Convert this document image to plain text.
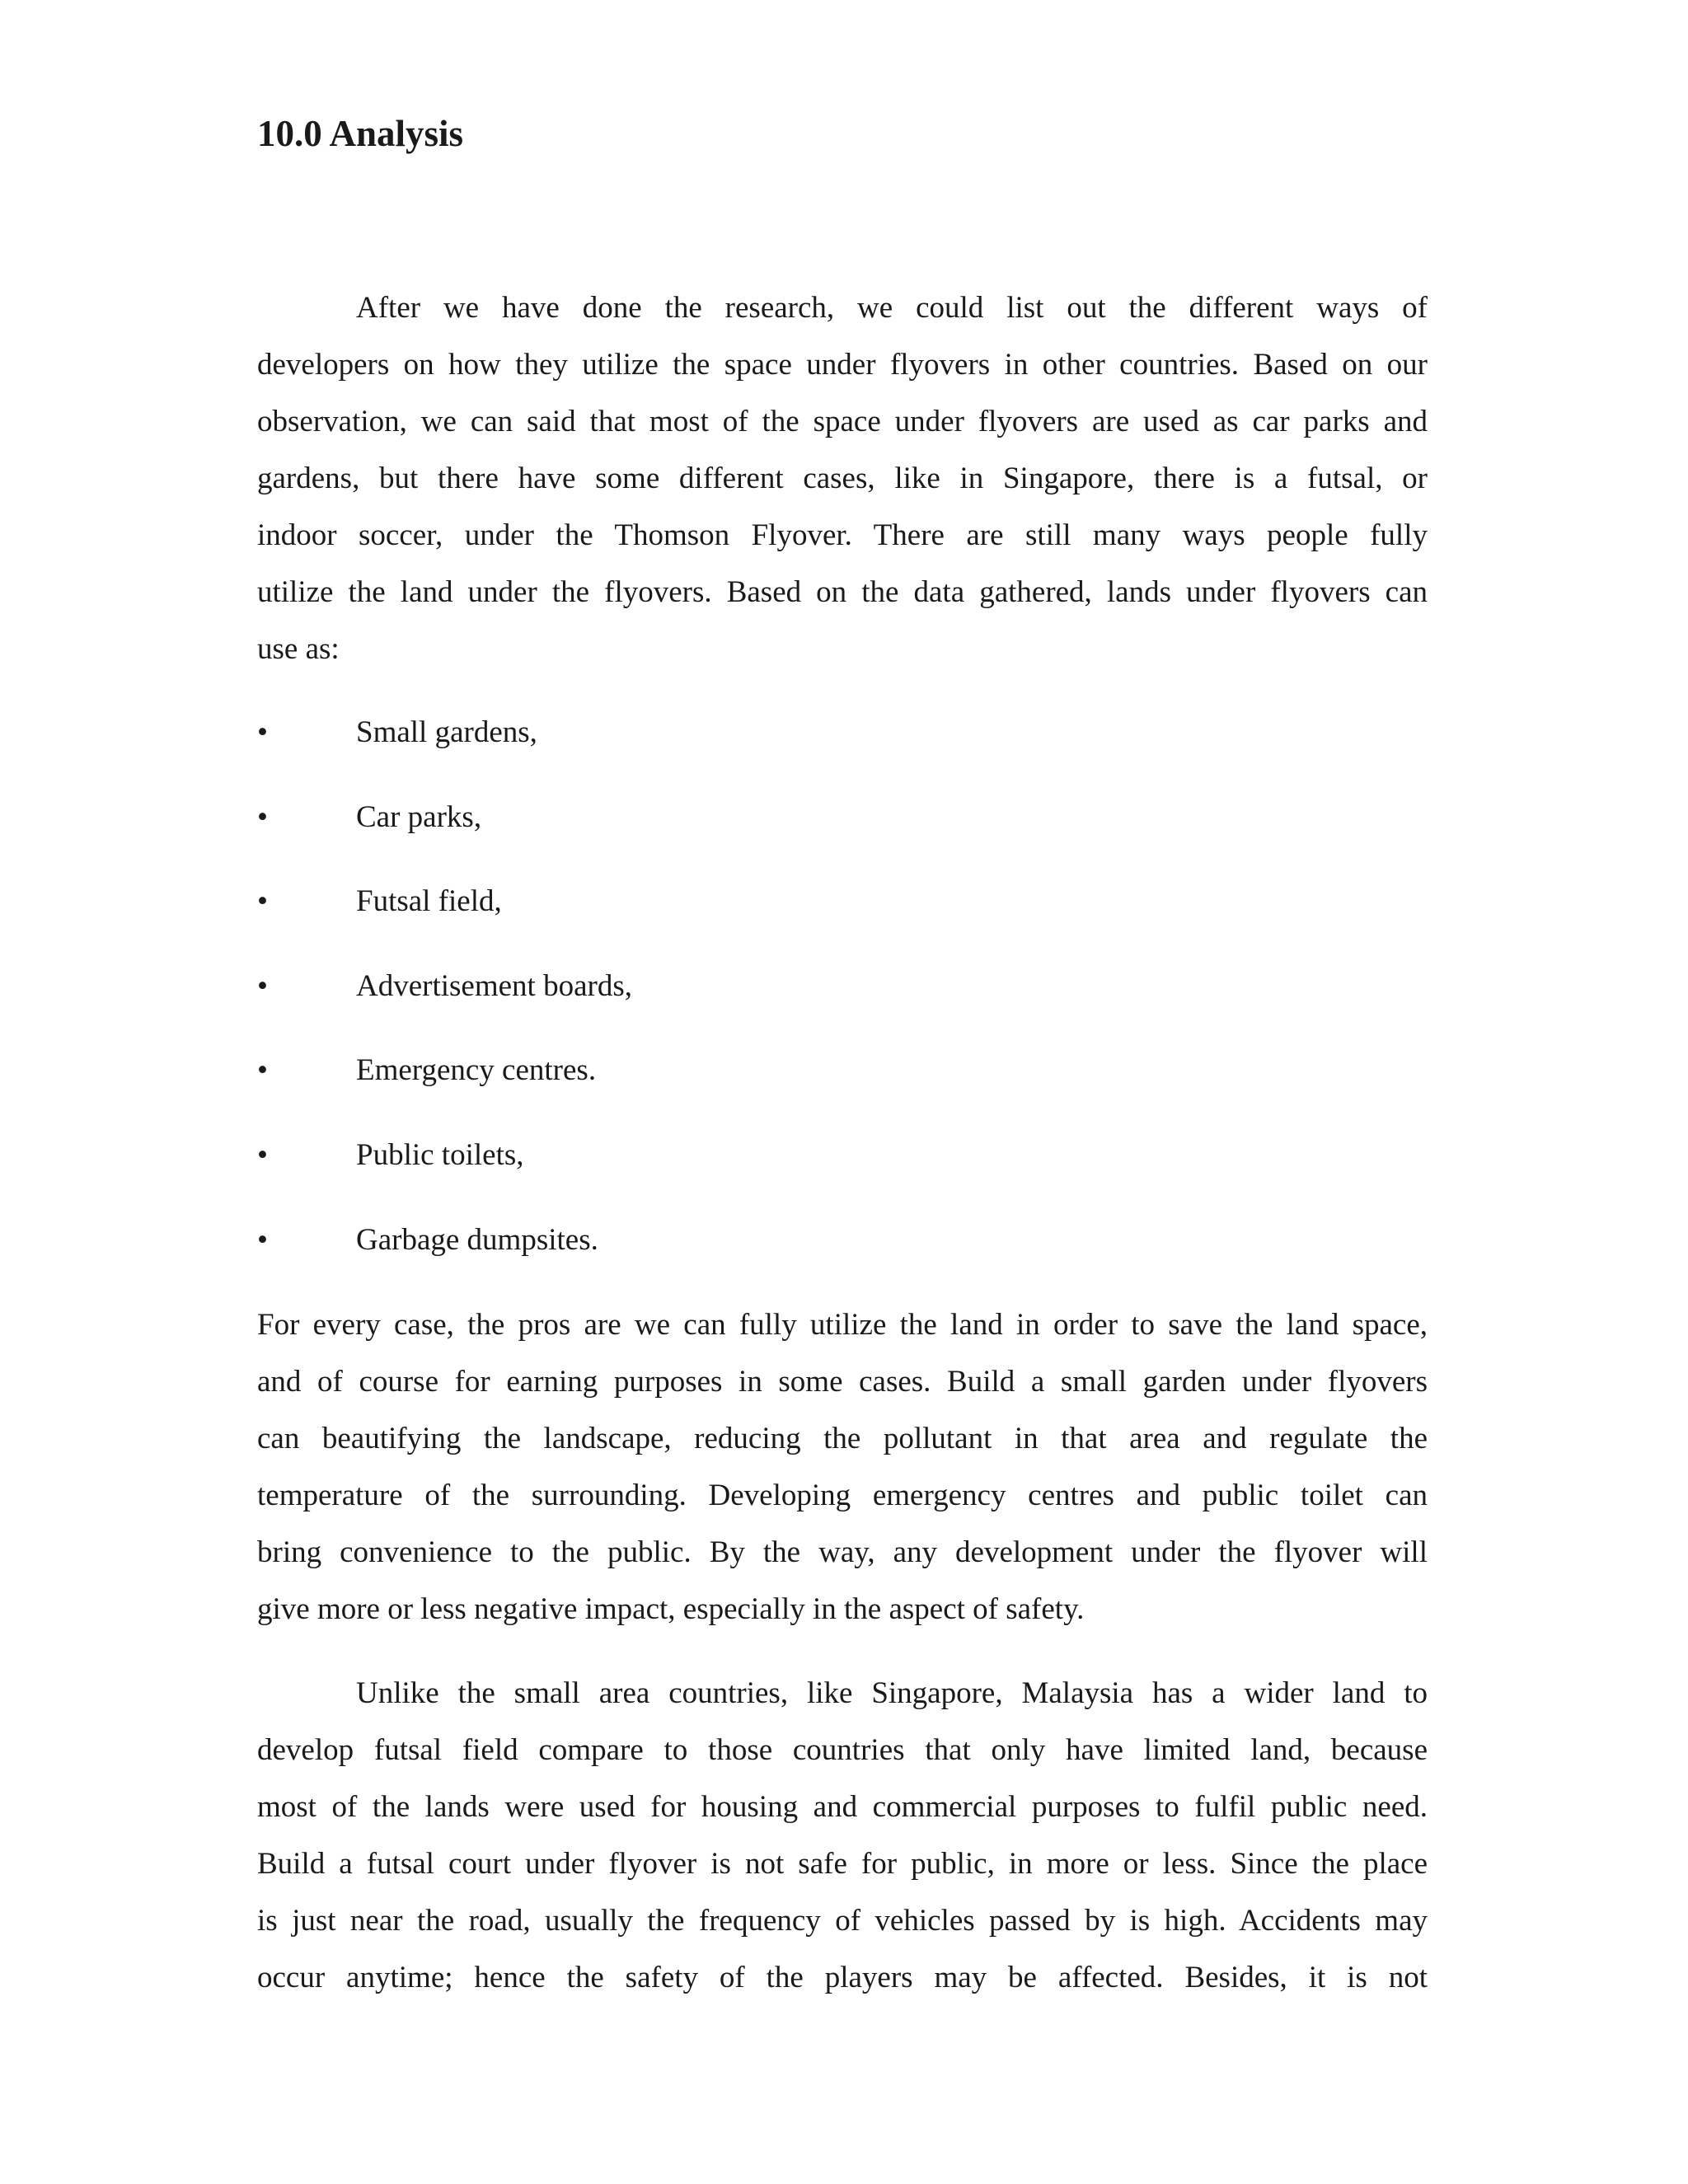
10.0 Analysis
After we have done the research, we could list out the different ways of
developers on how they utilize the space under flyovers in other countries. Based on our
observation, we can said that most of the space under flyovers are used as car parks and
gardens, but there have some different cases, like in Singapore, there is a futsal, or
indoor soccer, under the Thomson Flyover. There are still many ways people fully
utilize the land under the flyovers. Based on the data gathered, lands under flyovers can
use as:
•	Small gardens,
•	Car parks,
•	Futsal field,
•	Advertisement boards,
•	Emergency centres.
•	Public toilets,
•	Garbage dumpsites.
For every case, the pros are we can fully utilize the land in order to save the land space,
and of course for earning purposes in some cases. Build a small garden under flyovers
can beautifying the landscape, reducing the pollutant in that area and regulate the
temperature of the surrounding. Developing emergency centres and public toilet can
bring convenience to the public. By the way, any development under the flyover will
give more or less negative impact, especially in the aspect of safety.
Unlike the small area countries, like Singapore, Malaysia has a wider land to
develop futsal field compare to those countries that only have limited land, because
most of the lands were used for housing and commercial purposes to fulfil public need.
Build a futsal court under flyover is not safe for public, in more or less. Since the place
is just near the road, usually the frequency of vehicles passed by is high. Accidents may
occur anytime; hence the safety of the players may be affected. Besides, it is not
